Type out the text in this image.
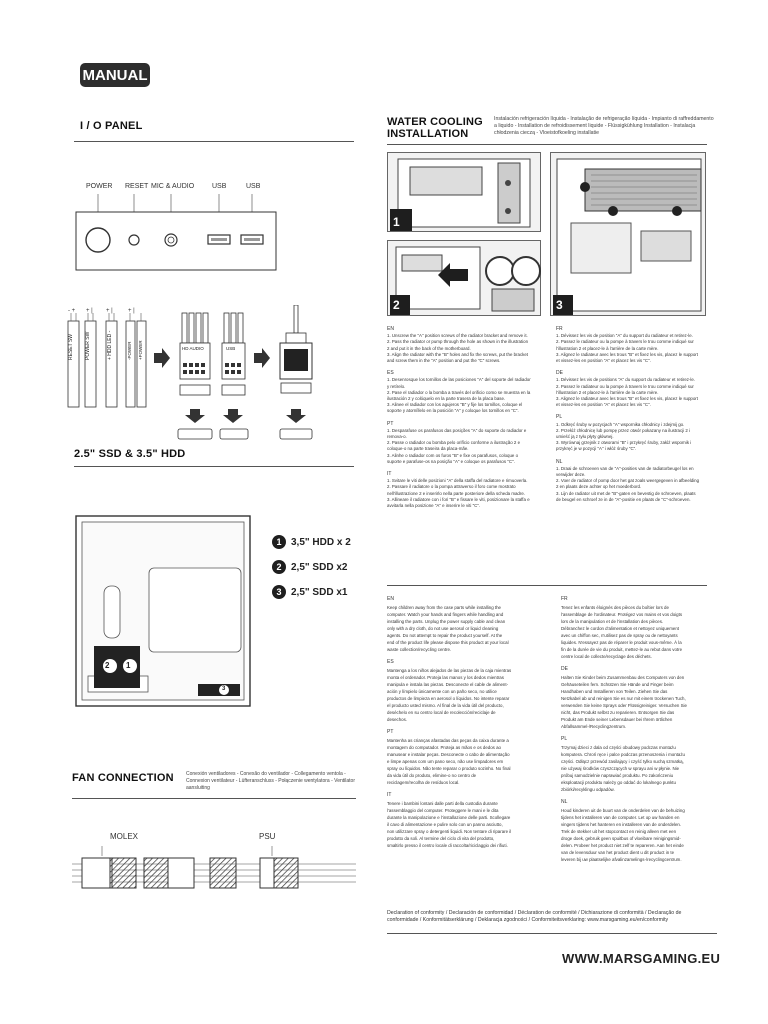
MANUAL
I / O PANEL
POWER RESET MIC & AUDIO	USB	USB
- + + | + |	+ |
RESET SW POWER SW	+ HDD LED -	-POWER +POWER	HD AUDIO	USB
2.5" SSD & 3.5" HDD
2 1
3
1 3,5" HDD x 2
2 2,5" SDD x2
3 2,5" SDD x1
FAN CONNECTION Conexión ventiladores - Conexão do ventilador - Collegamento ventola - Connexion ventilateur - Lüfteranschluss - Połączenie wentylatora - Ventilator aansluiting
MOLEX	PSU
WATER COOLING
INSTALLATION
Instalación refrigeración líquida - Instalação de refrigeração líquida - Impianto di raffreddamento a liquido - Installation de refroidissement liquide - Flüssigkühlung Installation - Instalacja chłodzenia cieczą - Vloeistofkoeling installatie
1
2	3
EN
1. Unscrew the "A" position screws of the radiator bracket and remove it.
2. Pass the radiator or pump through the hole as shown in the illustration
2 and put it in the back of the motherboard.
3. Align the radiator with the "B" holes and fix the screws, put the bracket
and screw them in the "A" position and put the "C" screws.
ES
1. Desenrosque los tornillos de las posiciones "A" del soporte del radiador
y retírelo.
2. Pase el radiador o la bomba a través del orificio como se muestra en la
ilustración 2 y colóquelo en la parte trasera de la placa base.
3. Alinee el radiador con los agujeros "B" y fije los tornillos, coloque el
soporte y atorníllelo en la posición "A" y coloque los tornillos en "C".
PT
1. Desparafuse os parafusos das posições "A" do suporte do radiador e
remova-o.
2. Passe o radiador ou bomba pelo orifício conforme a ilustração 2 e
coloque-o na parte traseira da placa-mãe.
3. Alinhe o radiador com os furos "B" e fixe os parafusos, coloque o
suporte e parafuse-os na posição "A" e coloque os parafusos "C".
IT
1. Svitare le viti delle posizioni "A" della staffa del radiatore e rimuoverla.
2. Passare il radiatore o la pompa attraverso il foro come mostrato
nell'illustrazione 2 e inserirlo nella parte posteriore della scheda madre.
3. Allineare il radiatore con i fori "B" e fissare le viti, posizionare la staffa e
avvitarla nella posizione "A" e inserire le viti "C".
FR
1. Dévissez les vis de position "A" du support du radiateur et retirez-le.
2. Passez le radiateur ou la pompe à travers le trou comme indiqué sur
l'illustration 2 et placez-le à l'arrière de la carte mère.
3. Alignez le radiateur avec les trous "B" et fixez les vis, placez le support
et vissez-les en position "A" et placez les vis "C".
DE
1. Dévissez les vis de positions "A" du support du radiateur et retirez-le.
2. Passez le radiateur ou la pompe à travers le trou comme indiqué sur
l'illustration 2 et placez-le à l'arrière de la carte mère.
3. Alignez le radiateur avec les trous "B" et fixez les vis, placez le support
et vissez-les en position "A" et placez les vis "C".
PL
1. Odkręć śruby w pozycjach "A" wspornika chłodnicy i zdejmij go.
2. Przełóż chłodnicę lub pompę przez otwór pokazany na ilustracji 2 i
umieść ją z tyłu płyty głównej.
3. Wyrównaj grzejnik z otworami "B" i przykręć śruby, załóż wspornik i
przykręć je w pozycji "A" i włóż śruby "C".
NL
1. Draai de schroeven van de "A"-posities van de radiatorbeugel los en
verwijder deze.
2. Voer de radiator of pomp door het gat zoals weergegeven in afbeelding
2 en plaats deze achter op het moederbord.
3. Lijn de radiator uit met de "B"-gaten en bevestig de schroeven, plaats
de beugel en schroef ze in de "A"-positie en plaats de "C"-schroeven.
EN
Keep children away from the case parts while installing the
computer. Watch your hands and fingers while handling and
installing the parts. Unplug the power supply cable and clean
only with a dry cloth, do not use aerosol or liquid cleaning
agents. Do not attempt to repair the product yourself. At the
end of the product life please dispose this product at your local
waste collection/recycling centre.
ES
Mantenga a los niños alejados de las piezas de la caja mientras
monta el ordenador. Proteja las manos y los dedos mientras
manipula e instala las piezas. Desconecte el cable de aliment-
ación y límpielo únicamente con un paño seco, no utilice
productos de limpieza en aerosol o líquidos. No intente reparar
el producto usted mismo. Al final de la vida útil del producto,
deséchelo en su centro local de recolección/reciclaje de
desechos.
PT
Mantenha as crianças afastadas das peças da caixa durante a
montagem do computador. Proteja as mãos e os dedos ao
manusear e instalar peças. Desconecte o cabo de alimentação
e limpe apenas com um pano seco, não use limpadores em
spray ou líquidos. Não tente reparar o produto sozinho. No final
da vida útil do produto, elimine-o no centro de
reciclagem/recolha de resíduos local.
IT
Tenere i bambini lontani dalle parti della custodia durante
l'assemblaggio del computer. Proteggere le mani e le dita
durante la manipolazione e l'installazione delle parti. Scollegare
il cavo di alimentazione e pulire solo con un panno asciutto,
non utilizzare spray o detergenti liquidi. Non tentare di riparare il
prodotto da soli. Al termine del ciclo di vita del prodotto,
smaltirlo presso il centro locale di raccolta/riciclaggio dei rifiuti.
FR
Tenez les enfants éloignés des pièces du boîtier lors de
l'assemblage de l'ordinateur. Protégez vos mains et vos doigts
lors de la manipulation et de l'installation des pièces.
Débranchez le cordon d'alimentation et nettoyez uniquement
avec un chiffon sec, n'utilisez pas de spray ou de nettoyants
liquides. N'essayez pas de réparer le produit vous-même. À la
fin de la durée de vie du produit, mettez-le au rebut dans votre
centre local de collecte/recyclage des déchets.
DE
Halten Sie Kinder beim Zusammenbau des Computers von den
Gehäuseteilen fern. Schützen Sie Hände und Finger beim
Handhaben und Installieren von Teilen. Ziehen Sie das
Netzkabel ab und reinigen Sie es nur mit einem trockenen Tuch,
verwenden Sie keine Sprays oder Flüssigreiniger. Versuchen Sie
nicht, das Produkt selbst zu reparieren. Entsorgen Sie das
Produkt am Ende seiner Lebensdauer bei Ihrem örtlichen
Abfallsammel-/Recyclingzentrum.
PL
Trzymaj dzieci z dala od części obudowy podczas montażu
komputera. Chroń ręce i palce podczas przenoszenia i montażu
części. Odłącz przewód zasilający i czyść tylko suchą szmatką,
nie używaj środków czyszczących w sprayu ani w płynie. Nie
próbuj samodzielnie naprawiać produktu. Po zakończeniu
eksploatacji produktu należy go oddać do lokalnego punktu
zbiórki/recyklingu odpadów.
NL
Houd kinderen uit de buurt van de onderdelen van de behuizing
tijdens het installeren van de computer. Let op uw handen en
vingers tijdens het hanteren en installeren van de onderdelen.
Trek de stekker uit het stopcontact en reinig alleen met een
droge doek, gebruik geen spuitbus of vloeibare reinigingsmid-
delen. Probeer het product niet zelf te repareren. Aan het einde
van de levensduur van het product dient u dit product in te
leveren bij uw plaatselijke afvalinzamelings-/recyclingcentrum.
Declaration of conformity / Declaración de conformidad / Déclaration de conformité / Dichiarazione di conformità / Declaração de
conformidade / Konformitätserklärung / Deklaracja zgodności / Conformiteitsverklaring: www.marsgaming.eu/en/conformity
WWW.MARSGAMING.EU
